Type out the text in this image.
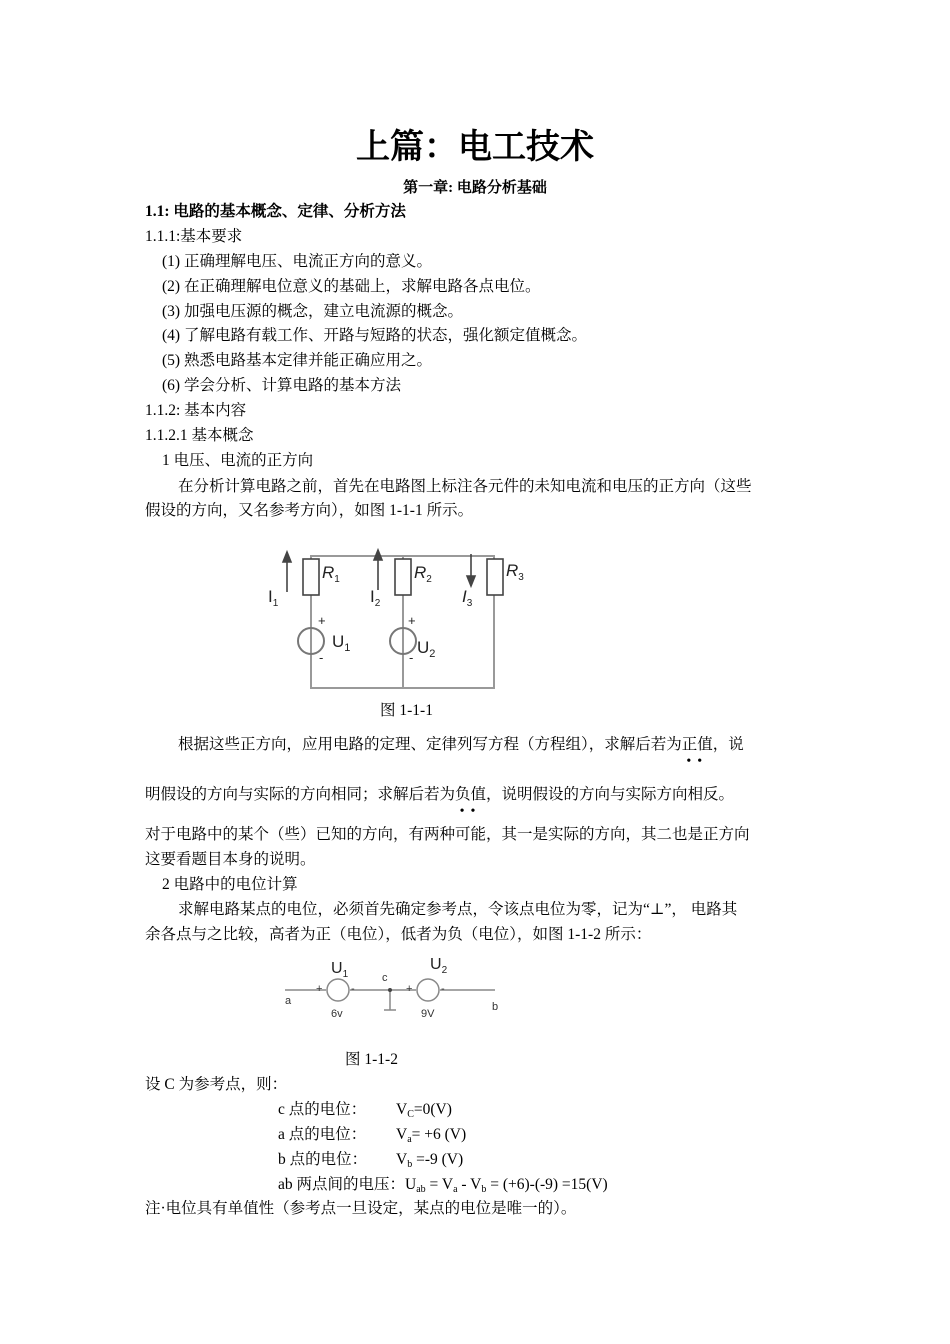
上篇：电工技术
第一章: 电路分析基础
1.1: 电路的基本概念、定律、分析方法
1.1.1:基本要求
(1) 正确理解电压、电流正方向的意义。
(2) 在正确理解电位意义的基础上，求解电路各点电位。
(3) 加强电压源的概念，建立电流源的概念。
(4) 了解电路有载工作、开路与短路的状态，强化额定值概念。
(5) 熟悉电路基本定律并能正确应用之。
(6) 学会分析、计算电路的基本方法
1.1.2: 基本内容
1.1.2.1 基本概念
1 电压、电流的正方向
在分析计算电路之前，首先在电路图上标注各元件的未知电流和电压的正方向（这些
假设的方向，又名参考方向），如图 1-1-1 所示。
$I_1$	$I_2$	$I_3$
$R_1$	$R_2$	$R_3$
$U_1$	$U_2$
+	+
-	-
图 1-1-1
根据这些正方向，应用电路的定理、定律列写方程（方程组），求解后若为正值
••
，说
明假设的方向与实际的方向相同；求解后若为负值
••
，说明假设的方向与实际方向相反。
对于电路中的某个（些）已知的方向，有两种可能，其一是实际的方向，其二也是正方向
这要看题目本身的说明。
2 电路中的电位计算
求解电路某点的电位，必须首先确定参考点，令该点电位为零，记为“⊥”， 电路其
余各点与之比较，高者为正（电位），低者为负（电位），如图 1-1-2 所示：
a	b
c
+	-	+	-
6v	9V
$U_1$
$U_2$
图 1-1-2
设 C 为参考点，则：
c 点的电位： VC=0(V)
a 点的电位： Va= +6 (V)
b 点的电位： Vb =-9 (V)
ab 两点间的电压：Uab = Va - Vb = (+6)-(-9) =15(V)
注·电位具有单值性（参考点一旦设定，某点的电位是唯一的）。
